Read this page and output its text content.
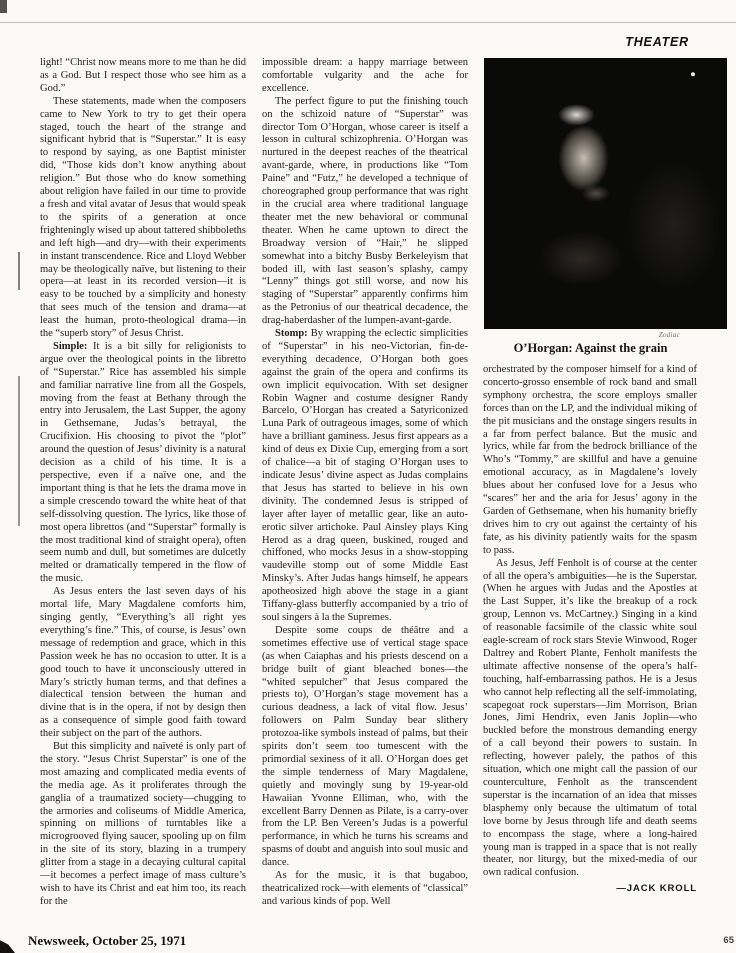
THEATER
Zodiac
O’Horgan: Against the grain

light! “Christ now means more to me than he did as a God. But I respect those who see him as a God.”

These statements, made when the composers came to New York to try to get their opera staged, touch the heart of the strange and significant hybrid that is “Superstar.” It is easy to respond by saying, as one Baptist minister did, “Those kids don’t know anything about religion.” But those who do know something about religion have failed in our time to provide a fresh and vital avatar of Jesus that would speak to the spirits of a generation at once frighteningly wised up about tattered shibboleths and left high—and dry—with their experiments in instant transcendence. Rice and Lloyd Webber may be theologically naïve, but listening to their opera—at least in its recorded version—it is easy to be touched by a simplicity and honesty that sees much of the tension and drama—at least the human, proto-theological drama—in the “superb story” of Jesus Christ.

Simple: It is a bit silly for religionists to argue over the theological points in the libretto of “Superstar.” Rice has assembled his simple and familiar narrative line from all the Gospels, moving from the feast at Bethany through the entry into Jerusalem, the Last Supper, the agony in Gethsemane, Judas’s betrayal, the Crucifixion. His choosing to pivot the “plot” around the question of Jesus’ divinity is a natural decision as a child of his time. It is a perspective, even if a naïve one, and the important thing is that he lets the drama move in a simple crescendo toward the white heat of that self-dissolving question. The lyrics, like those of most opera librettos (and “Superstar” formally is the most traditional kind of straight opera), often seem numb and dull, but sometimes are dulcetly melted or dramatically tempered in the flow of the music.

As Jesus enters the last seven days of his mortal life, Mary Magdalene comforts him, singing gently, “Everything’s all right yes everything’s fine.” This, of course, is Jesus’ own message of redemption and grace, which in this Passion week he has no occasion to utter. It is a good touch to have it unconsciously uttered in Mary’s strictly human terms, and that defines a dialectical tension between the human and divine that is in the opera, if not by design then as a consequence of simple good faith toward their subject on the part of the authors.

But this simplicity and naïveté is only part of the story. “Jesus Christ Superstar” is one of the most amazing and complicated media events of the media age. As it proliferates through the ganglia of a traumatized society—chugging to the armories and coliseums of Middle America, spinning on millions of turntables like a microgrooved flying saucer, spooling up on film in the site of its story, blazing in a trumpery glitter from a stage in a decaying cultural capital—it becomes a perfect image of mass culture’s wish to have its Christ and eat him too, its reach for the

impossible dream: a happy marriage between comfortable vulgarity and the ache for excellence.

The perfect figure to put the finishing touch on the schizoid nature of “Superstar” was director Tom O’Horgan, whose career is itself a lesson in cultural schizophrenia. O’Horgan was nurtured in the deepest reaches of the theatrical avant-garde, where, in productions like “Tom Paine” and “Futz,” he developed a technique of choreographed group performance that was right in the crucial area where traditional language theater met the new behavioral or communal theater. When he came uptown to direct the Broadway version of “Hair,” he slipped somewhat into a bitchy Busby Berkeleyism that boded ill, with last season’s splashy, campy “Lenny” things got still worse, and now his staging of “Superstar” apparently confirms him as the Petronius of our theatrical decadence, the drag-haberdasher of the lumpen-avant-garde.

Stomp: By wrapping the eclectic simplicities of “Superstar” in his neo-Victorian, fin-de-everything decadence, O’Horgan both goes against the grain of the opera and confirms its own implicit equivocation. With set designer Robin Wagner and costume designer Randy Barcelo, O’Horgan has created a Satyriconized Luna Park of outrageous images, some of which have a brilliant gaminess. Jesus first appears as a kind of deus ex Dixie Cup, emerging from a sort of chalice—a bit of staging O’Horgan uses to indicate Jesus’ divine aspect as Judas complains that Jesus has started to believe in his own divinity. The condemned Jesus is stripped of layer after layer of metallic gear, like an auto-erotic silver artichoke. Paul Ainsley plays King Herod as a drag queen, buskined, rouged and chiffoned, who mocks Jesus in a show-stopping vaudeville stomp out of some Middle East Minsky’s. After Judas hangs himself, he appears apotheosized high above the stage in a giant Tiffany-glass butterfly accompanied by a trio of soul singers à la the Supremes.

Despite some coups de théâtre and a sometimes effective use of vertical stage space (as when Caiaphas and his priests descend on a bridge built of giant bleached bones—the “whited sepulcher” that Jesus compared the priests to), O’Horgan’s stage movement has a curious deadness, a lack of vital flow. Jesus’ followers on Palm Sunday bear slithery protozoa-like symbols instead of palms, but their spirits don’t seem too tumescent with the primordial sexiness of it all. O’Horgan does get the simple tenderness of Mary Magdalene, quietly and movingly sung by 19-year-old Hawaiian Yvonne Elliman, who, with the excellent Barry Dennen as Pilate, is a carry-over from the LP. Ben Vereen’s Judas is a powerful performance, in which he turns his screams and spasms of doubt and anguish into soul music and dance.

As for the music, it is that bugaboo, theatricalized rock—with elements of “classical” and various kinds of pop. Well

orchestrated by the composer himself for a kind of concerto-grosso ensemble of rock band and small symphony orchestra, the score employs smaller forces than on the LP, and the individual miking of the pit musicians and the onstage singers results in a far from perfect balance. But the music and lyrics, while far from the bedrock brilliance of the Who’s “Tommy,” are skillful and have a genuine emotional accuracy, as in Magdalene’s lovely blues about her confused love for a Jesus who “scares” her and the aria for Jesus’ agony in the Garden of Gethsemane, when his humanity briefly drives him to cry out against the certainty of his fate, as his divinity patiently waits for the spasm to pass.

As Jesus, Jeff Fenholt is of course at the center of all the opera’s ambiguities—he is the Superstar. (When he argues with Judas and the Apostles at the Last Supper, it’s like the breakup of a rock group, Lennon vs. McCartney.) Singing in a kind of reasonable facsimile of the classic white soul eagle-scream of rock stars Stevie Winwood, Roger Daltrey and Robert Plante, Fenholt manifests the ultimate affective nonsense of the opera’s half-touching, half-embarrassing pathos. He is a Jesus who cannot help reflecting all the self-immolating, scapegoat rock superstars—Jim Morrison, Brian Jones, Jimi Hendrix, even Janis Joplin—who buckled before the monstrous demanding energy of a call beyond their powers to sustain. In reflecting, however palely, the pathos of this situation, which one might call the passion of our counterculture, Fenholt as the transcendent superstar is the incarnation of an idea that misses blasphemy only because the ultimatum of total love borne by Jesus through life and death seems to encompass the stage, where a long-haired young man is trapped in a space that is not really theater, nor liturgy, but the mixed-media of our own radical confusion.

—JACK KROLL
Newsweek, October 25, 1971	65
